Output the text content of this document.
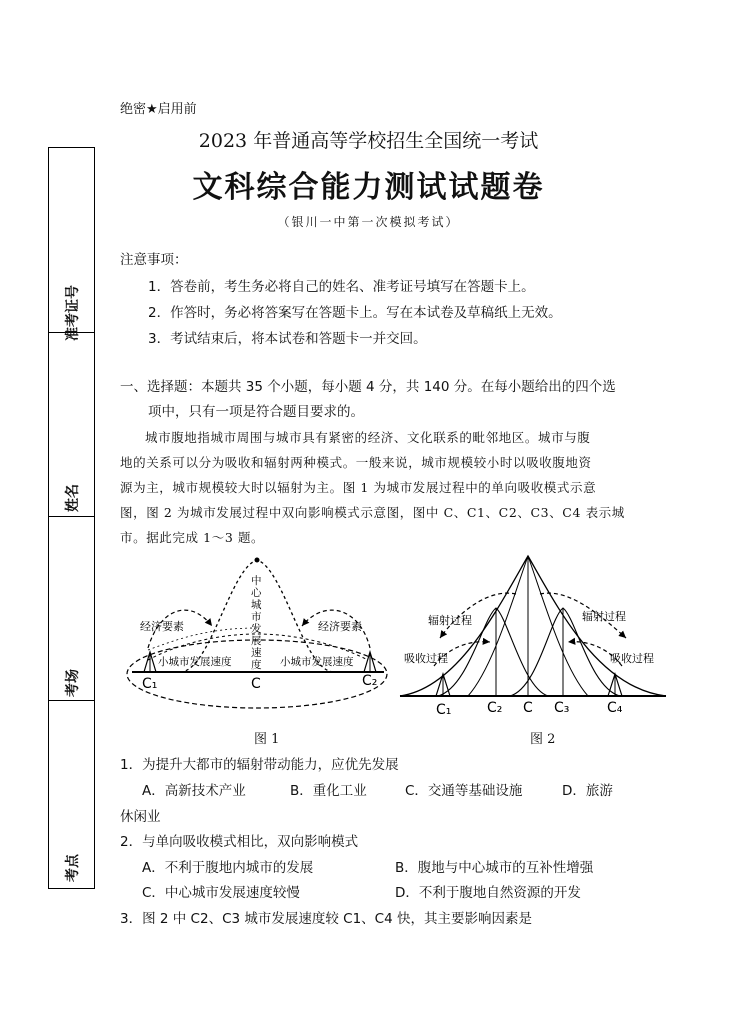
准考证号
姓名
考场
考点
绝密★启用前
2023 年普通高等学校招生全国统一考试
文科综合能力测试试题卷
（银川一中第一次模拟考试）
注意事项：
1．答卷前，考生务必将自己的姓名、准考证号填写在答题卡上。
2．作答时，务必将答案写在答题卡上。写在本试卷及草稿纸上无效。
3．考试结束后，将本试卷和答题卡一并交回。
一、选择题：本题共 35 个小题，每小题 4 分，共 140 分。在每小题给出的四个选
项中，只有一项是符合题目要求的。
城市腹地指城市周围与城市具有紧密的经济、文化联系的毗邻地区。城市与腹
地的关系可以分为吸收和辐射两种模式。一般来说，城市规模较小时以吸收腹地资
源为主，城市规模较大时以辐射为主。图 1 为城市发展过程中的单向吸收模式示意
图，图 2 为城市发展过程中双向影响模式示意图，图中 C、C1、C2、C3、C4 表示城
市。据此完成 1～3 题。
经济要素	经济要素
小城市发展速度	小城市发展速度
中心城市发展速度
C₁	C	C₂
图 1
辐射过程	辐射过程
吸收过程	吸收过程
C₁	C₂ C C₃	C₄
图 2
1．为提升大都市的辐射带动能力，应优先发展
A．高新技术产业	B．重化工业	C．交通等基础设施	D．旅游
休闲业
2．与单向吸收模式相比，双向影响模式
A．不利于腹地内城市的发展	B．腹地与中心城市的互补性增强
C．中心城市发展速度较慢	D．不利于腹地自然资源的开发
3．图 2 中 C2、C3 城市发展速度较 C1、C4 快，其主要影响因素是
